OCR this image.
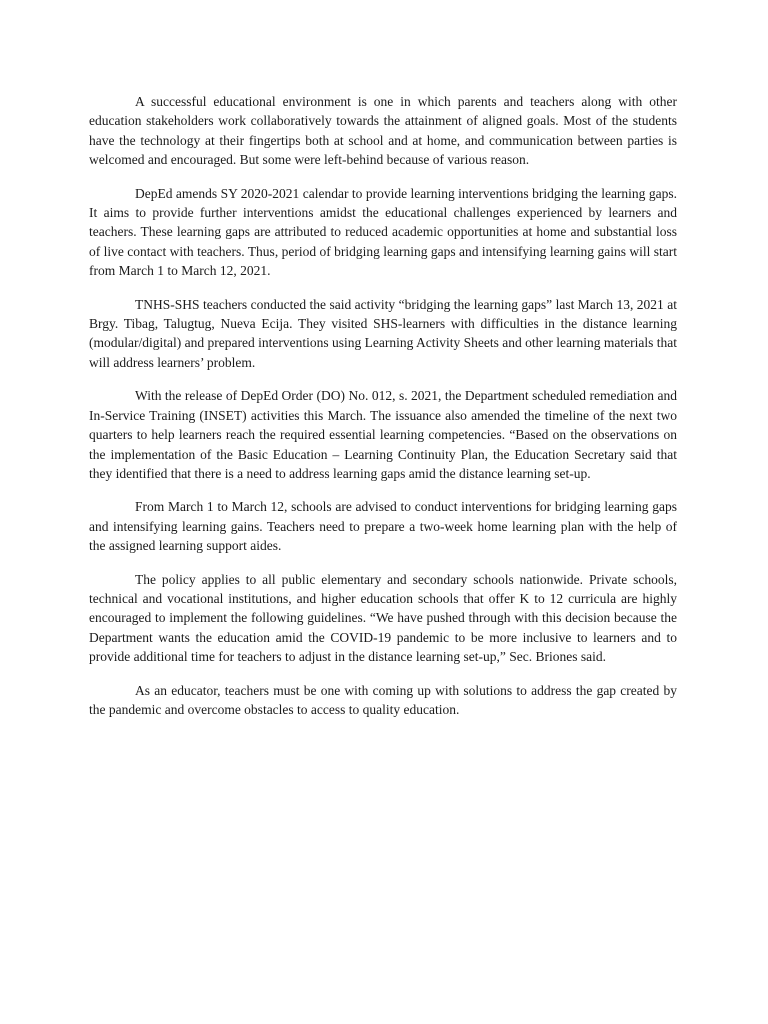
A successful educational environment is one in which parents and teachers along with other education stakeholders work collaboratively towards the attainment of aligned goals. Most of the students have the technology at their fingertips both at school and at home, and communication between parties is welcomed and encouraged. But some were left-behind because of various reason.

DepEd amends SY 2020-2021 calendar to provide learning interventions bridging the learning gaps. It aims to provide further interventions amidst the educational challenges experienced by learners and teachers. These learning gaps are attributed to reduced academic opportunities at home and substantial loss of live contact with teachers. Thus, period of bridging learning gaps and intensifying learning gains will start from March 1 to March 12, 2021.

TNHS-SHS teachers conducted the said activity “bridging the learning gaps” last March 13, 2021 at Brgy. Tibag, Talugtug, Nueva Ecija. They visited SHS-learners with difficulties in the distance learning (modular/digital) and prepared interventions using Learning Activity Sheets and other learning materials that will address learners’ problem.

With the release of DepEd Order (DO) No. 012, s. 2021, the Department scheduled remediation and In-Service Training (INSET) activities this March. The issuance also amended the timeline of the next two quarters to help learners reach the required essential learning competencies. “Based on the observations on the implementation of the Basic Education – Learning Continuity Plan, the Education Secretary said that they identified that there is a need to address learning gaps amid the distance learning set-up.

From March 1 to March 12, schools are advised to conduct interventions for bridging learning gaps and intensifying learning gains. Teachers need to prepare a two-week home learning plan with the help of the assigned learning support aides.

The policy applies to all public elementary and secondary schools nationwide. Private schools, technical and vocational institutions, and higher education schools that offer K to 12 curricula are highly encouraged to implement the following guidelines. “We have pushed through with this decision because the Department wants the education amid the COVID-19 pandemic to be more inclusive to learners and to provide additional time for teachers to adjust in the distance learning set-up,” Sec. Briones said.

As an educator, teachers must be one with coming up with solutions to address the gap created by the pandemic and overcome obstacles to access to quality education.
